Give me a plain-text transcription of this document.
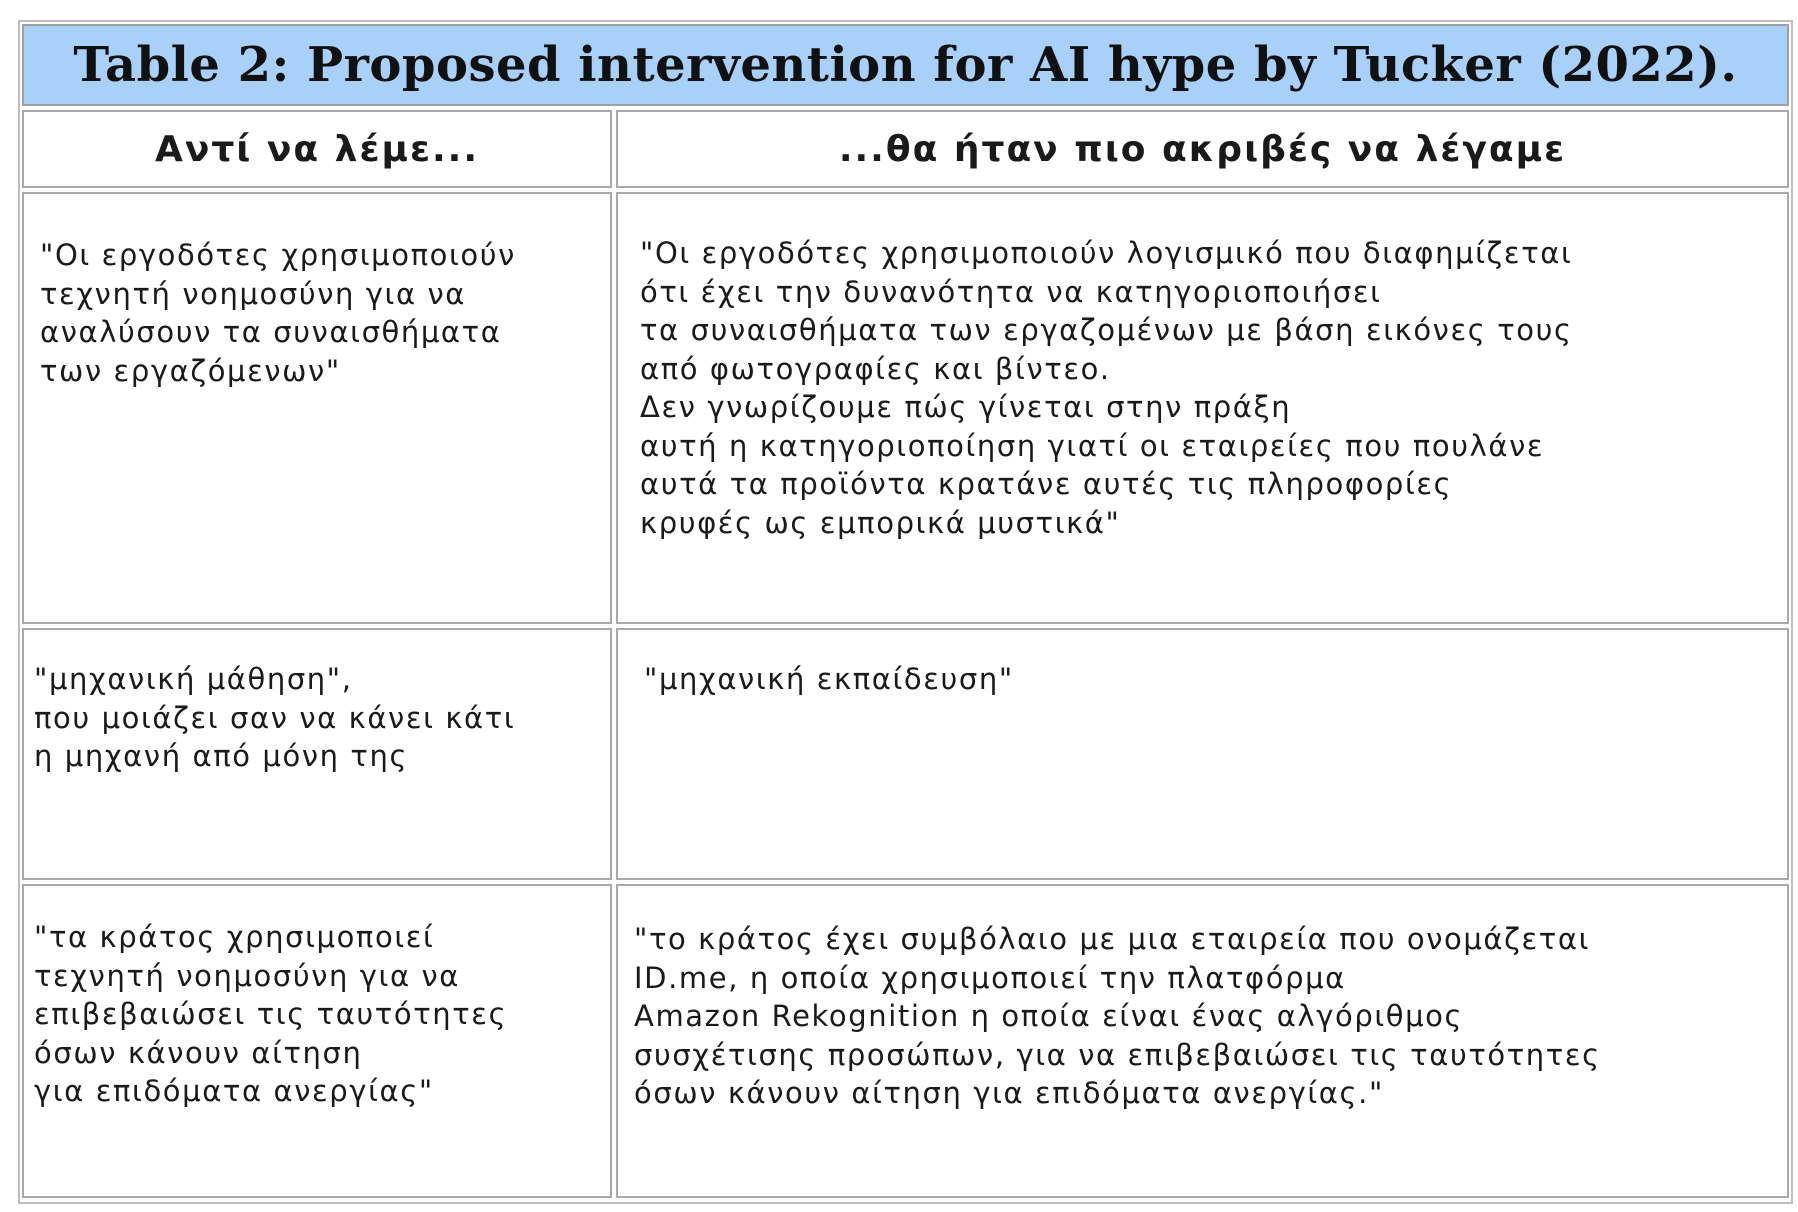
Table 2: Proposed intervention for AI hype by Tucker (2022).
Αντί να λέμε...	...θα ήταν πιο ακριβές να λέγαμε
"Οι εργοδότες χρησιμοποιούν
τεχνητή νοημοσύνη για να
αναλύσουν τα συναισθήματα
των εργαζόμενων"
"Οι εργοδότες χρησιμοποιούν λογισμικό που διαφημίζεται
ότι έχει την δυνανότητα να κατηγοριοποιήσει
τα συναισθήματα των εργαζομένων με βάση εικόνες τους
από φωτογραφίες και βίντεο.
Δεν γνωρίζουμε πώς γίνεται στην πράξη
αυτή η κατηγοριοποίηση γιατί οι εταιρείες που πουλάνε
αυτά τα προϊόντα κρατάνε αυτές τις πληροφορίες
κρυφές ως εμπορικά μυστικά"
"μηχανική μάθηση",
που μοιάζει σαν να κάνει κάτι
η μηχανή από μόνη της
"μηχανική εκπαίδευση"
"τα κράτος χρησιμοποιεί
τεχνητή νοημοσύνη για να
επιβεβαιώσει τις ταυτότητες
όσων κάνουν αίτηση
για επιδόματα ανεργίας"
"το κράτος έχει συμβόλαιο με μια εταιρεία που ονομάζεται
ID.me, η οποία χρησιμοποιεί την πλατφόρμα
Amazon Rekognition η οποία είναι ένας αλγόριθμος
συσχέτισης προσώπων, για να επιβεβαιώσει τις ταυτότητες
όσων κάνουν αίτηση για επιδόματα ανεργίας."
